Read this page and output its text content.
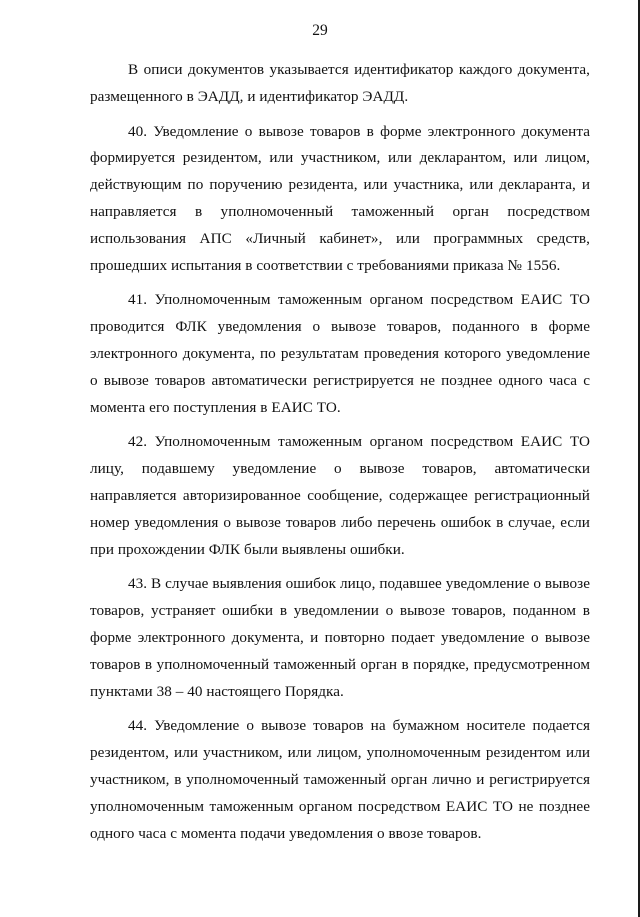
29

В описи документов указывается идентификатор каждого документа, размещенного в ЭАДД, и идентификатор ЭАДД.

40. Уведомление о вывозе товаров в форме электронного документа формируется резидентом, или участником, или декларантом, или лицом, действующим по поручению резидента, или участника, или декларанта, и направляется в уполномоченный таможенный орган посредством использования АПС «Личный кабинет», или программных средств, прошедших испытания в соответствии с требованиями приказа № 1556.

41. Уполномоченным таможенным органом посредством ЕАИС ТО проводится ФЛК уведомления о вывозе товаров, поданного в форме электронного документа, по результатам проведения которого уведомление о вывозе товаров автоматически регистрируется не позднее одного часа с момента его поступления в ЕАИС ТО.

42. Уполномоченным таможенным органом посредством ЕАИС ТО лицу, подавшему уведомление о вывозе товаров, автоматически направляется авторизированное сообщение, содержащее регистрационный номер уведомления о вывозе товаров либо перечень ошибок в случае, если при прохождении ФЛК были выявлены ошибки.

43. В случае выявления ошибок лицо, подавшее уведомление о вывозе товаров, устраняет ошибки в уведомлении о вывозе товаров, поданном в форме электронного документа, и повторно подает уведомление о вывозе товаров в уполномоченный таможенный орган в порядке, предусмотренном пунктами 38 – 40 настоящего Порядка.

44. Уведомление о вывозе товаров на бумажном носителе подается резидентом, или участником, или лицом, уполномоченным резидентом или участником, в уполномоченный таможенный орган лично и регистрируется уполномоченным таможенным органом посредством ЕАИС ТО не позднее одного часа с момента подачи уведомления о ввозе товаров.
